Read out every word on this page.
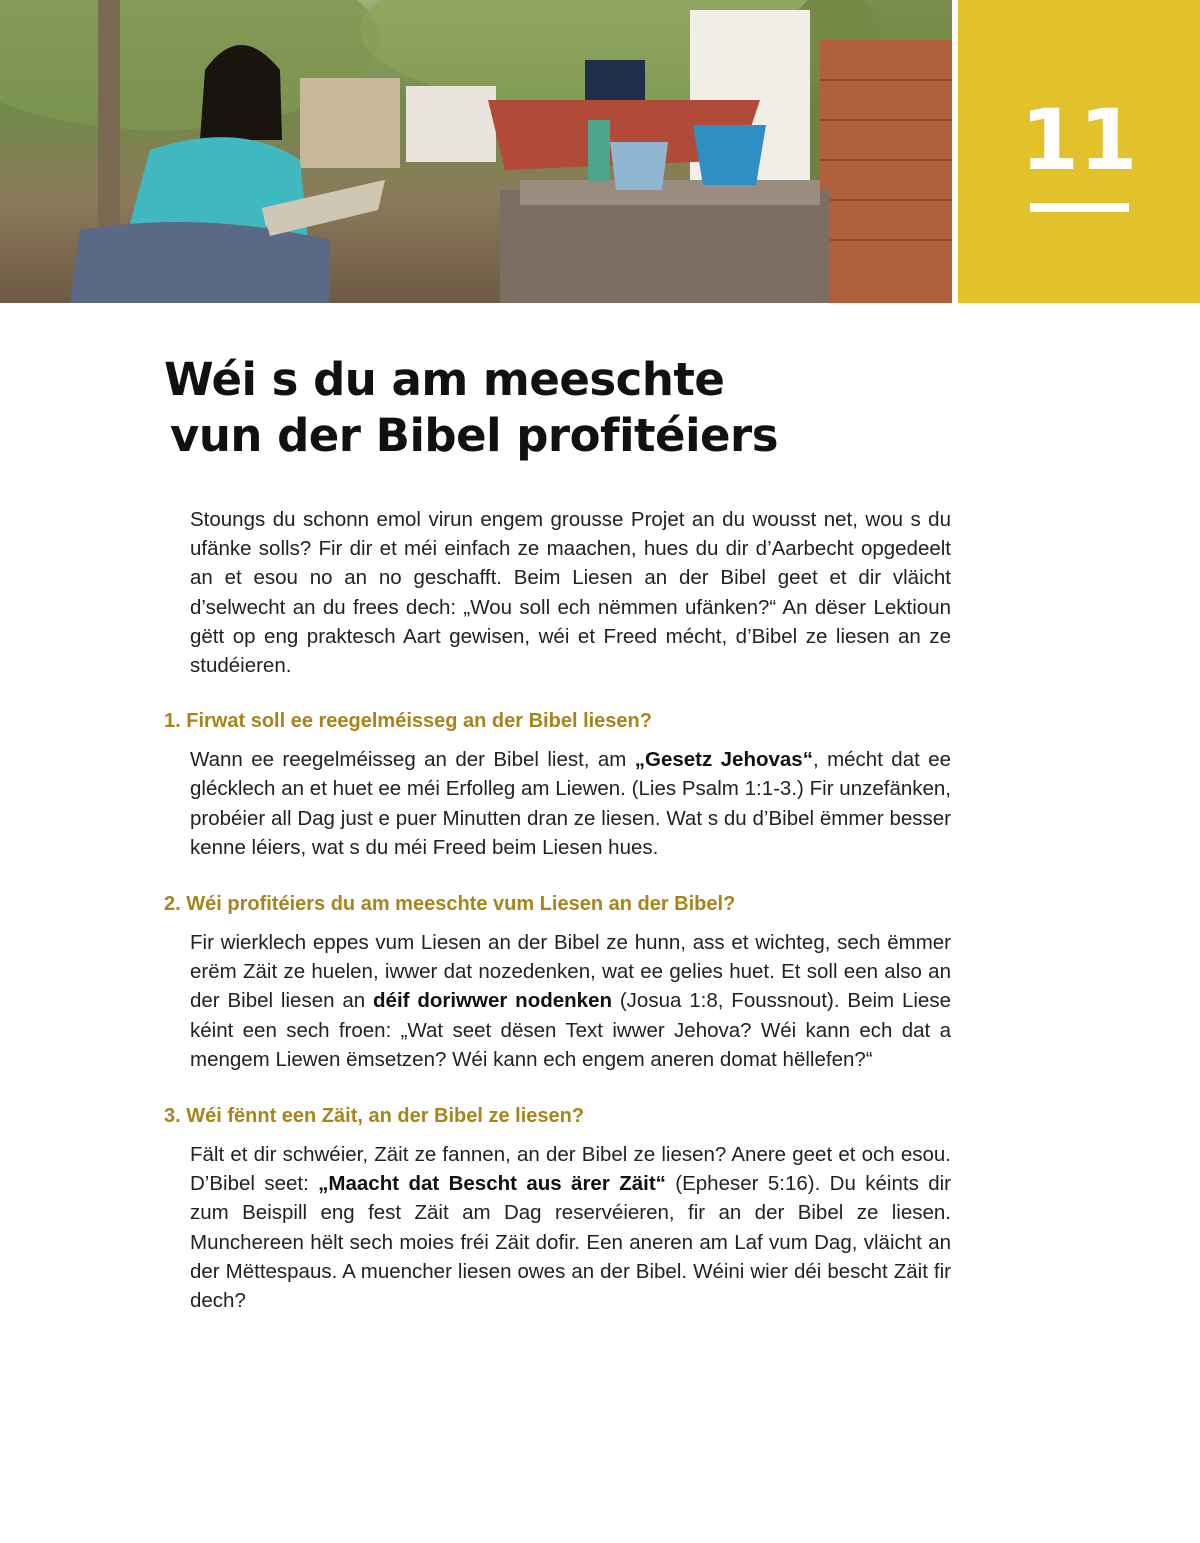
11
Wéi s du am meeschte
vun der Bibel profitéiers

Stoungs du schonn emol virun engem grousse Projet an du wousst net, wou s du ufänke solls? Fir dir et méi einfach ze maachen, hues du dir d’Aarbecht opgedeelt an et esou no an no geschafft. Beim Liesen an der Bibel geet et dir vläicht d’selwecht an du frees dech: „Wou soll ech nëmmen ufänken?“ An dëser Lektioun gëtt op eng praktesch Aart gewisen, wéi et Freed mécht, d’Bibel ze liesen an ze studéieren.

1. Firwat soll ee reegelméisseg an der Bibel liesen?

Wann ee reegelméisseg an der Bibel liest, am „Gesetz Jehovas“, mécht dat ee glécklech an et huet ee méi Erfolleg am Liewen. (Lies Psalm 1:1-3.) Fir unzefänken, probéier all Dag just e puer Minutten dran ze liesen. Wat s du d’Bibel ëmmer besser kenne léiers, wat s du méi Freed beim Liesen hues.

2. Wéi profitéiers du am meeschte vum Liesen an der Bibel?

Fir wierklech eppes vum Liesen an der Bibel ze hunn, ass et wichteg, sech ëmmer erëm Zäit ze huelen, iwwer dat nozedenken, wat ee gelies huet. Et soll een also an der Bibel liesen an déif doriwwer nodenken (Josua 1:8, Foussnout). Beim Liese kéint een sech froen: „Wat seet dësen Text iwwer Jehova? Wéi kann ech dat a mengem Liewen ëmsetzen? Wéi kann ech engem aneren domat hëllefen?“

3. Wéi fënnt een Zäit, an der Bibel ze liesen?

Fält et dir schwéier, Zäit ze fannen, an der Bibel ze liesen? Anere geet et och esou. D’Bibel seet: „Maacht dat Bescht aus ärer Zäit“ (Epheser 5:16). Du kéints dir zum Beispill eng fest Zäit am Dag reservéieren, fir an der Bibel ze liesen. Munchereen hëlt sech moies fréi Zäit dofir. Een aneren am Laf vum Dag, vläicht an der Mëttespaus. A muencher liesen owes an der Bibel. Wéini wier déi bescht Zäit fir dech?
